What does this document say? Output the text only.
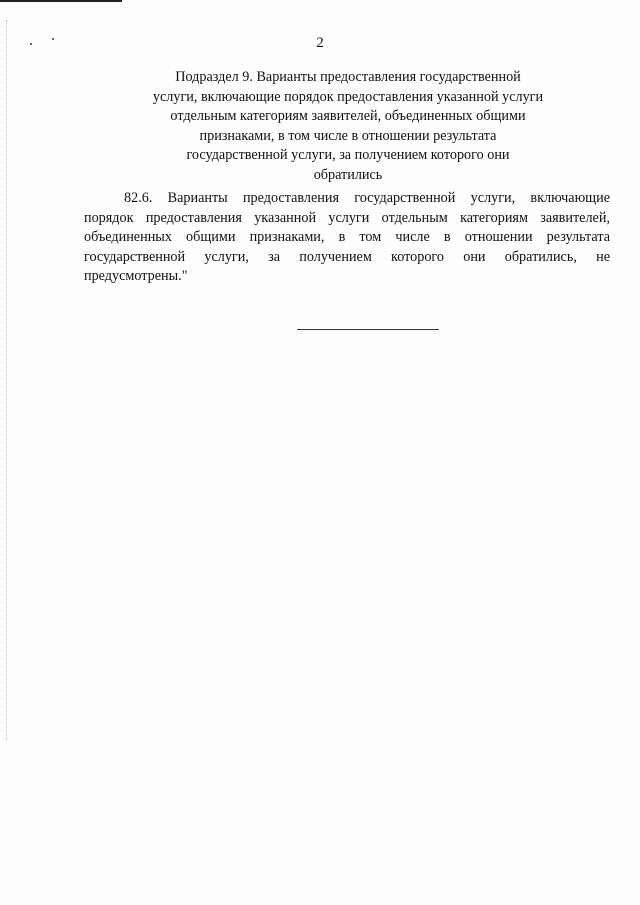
2
Подраздел 9. Варианты предоставления государственной
услуги, включающие порядок предоставления указанной услуги
отдельным категориям заявителей, объединенных общими
признаками, в том числе в отношении результата
государственной услуги, за получением которого они
обратились
82.6. Варианты предоставления государственной услуги, включающие
порядок предоставления указанной услуги отдельным категориям заявителей,
объединенных общими признаками, в том числе в отношении результата
государственной услуги, за получением которого они обратились, не
предусмотрены."
